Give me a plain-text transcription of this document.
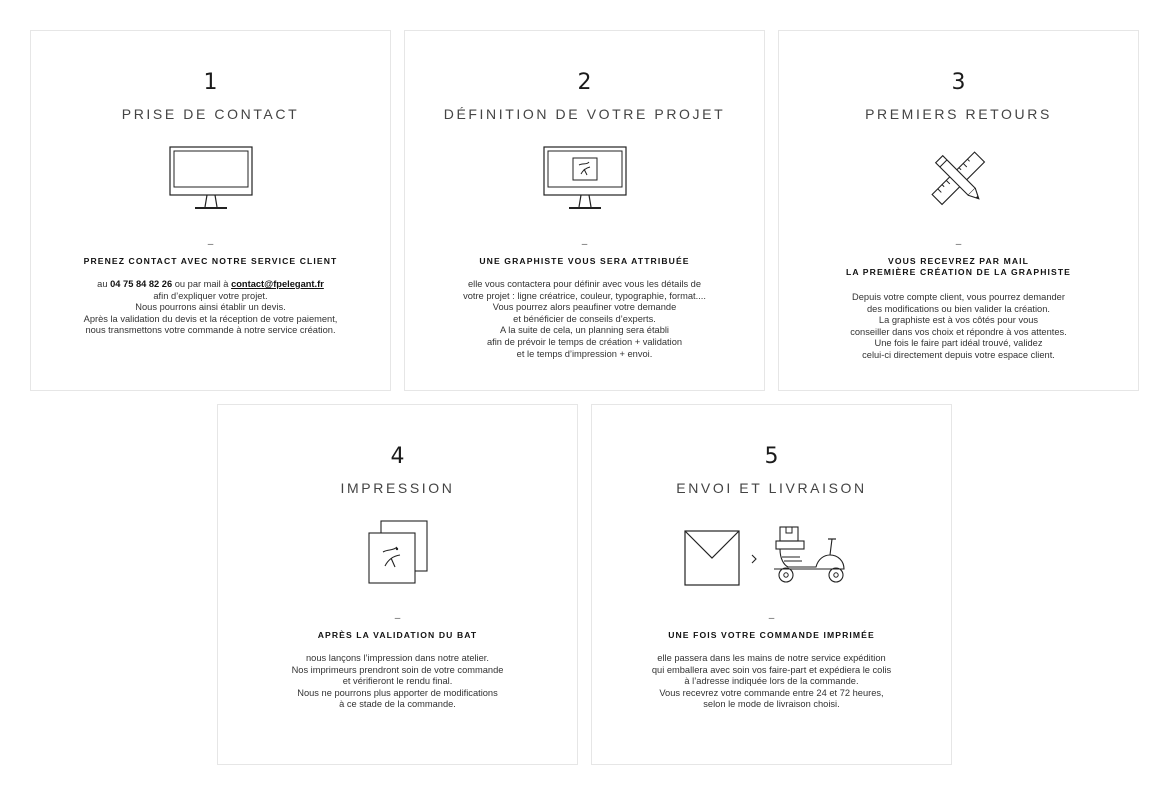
1
PRISE DE CONTACT
–
PRENEZ CONTACT AVEC NOTRE SERVICE CLIENT
au 04 75 84 82 26 ou par mail à contact@fpelegant.fr
afin d’expliquer votre projet.
Nous pourrons ainsi établir un devis.
Après la validation du devis et la réception de votre paiement,
nous transmettons votre commande à notre service création.
2
DÉFINITION DE VOTRE PROJET
–
UNE GRAPHISTE VOUS SERA ATTRIBUÉE
elle vous contactera pour définir avec vous les détails de
votre projet : ligne créatrice, couleur, typographie, format....
Vous pourrez alors peaufiner votre demande
et bénéficier de conseils d’experts.
A la suite de cela, un planning sera établi
afin de prévoir le temps de création + validation
et le temps d’impression + envoi.
3
PREMIERS RETOURS
–
VOUS RECEVREZ PAR MAIL
LA PREMIÈRE CRÉATION DE LA GRAPHISTE
Depuis votre compte client, vous pourrez demander
des modifications ou bien valider la création.
La graphiste est à vos côtés pour vous
conseiller dans vos choix et répondre à vos attentes.
Une fois le faire part idéal trouvé, validez
celui-ci directement depuis votre espace client.
4
IMPRESSION
–
APRÈS LA VALIDATION DU BAT
nous lançons l’impression dans notre atelier.
Nos imprimeurs prendront soin de votre commande
et vérifieront le rendu final.
Nous ne pourrons plus apporter de modifications
à ce stade de la commande.
5
ENVOI ET LIVRAISON
–
UNE FOIS VOTRE COMMANDE IMPRIMÉE
elle passera dans les mains de notre service expédition
qui emballera avec soin vos faire-part et expédiera le colis
à l’adresse indiquée lors de la commande.
Vous recevrez votre commande entre 24 et 72 heures,
selon le mode de livraison choisi.
